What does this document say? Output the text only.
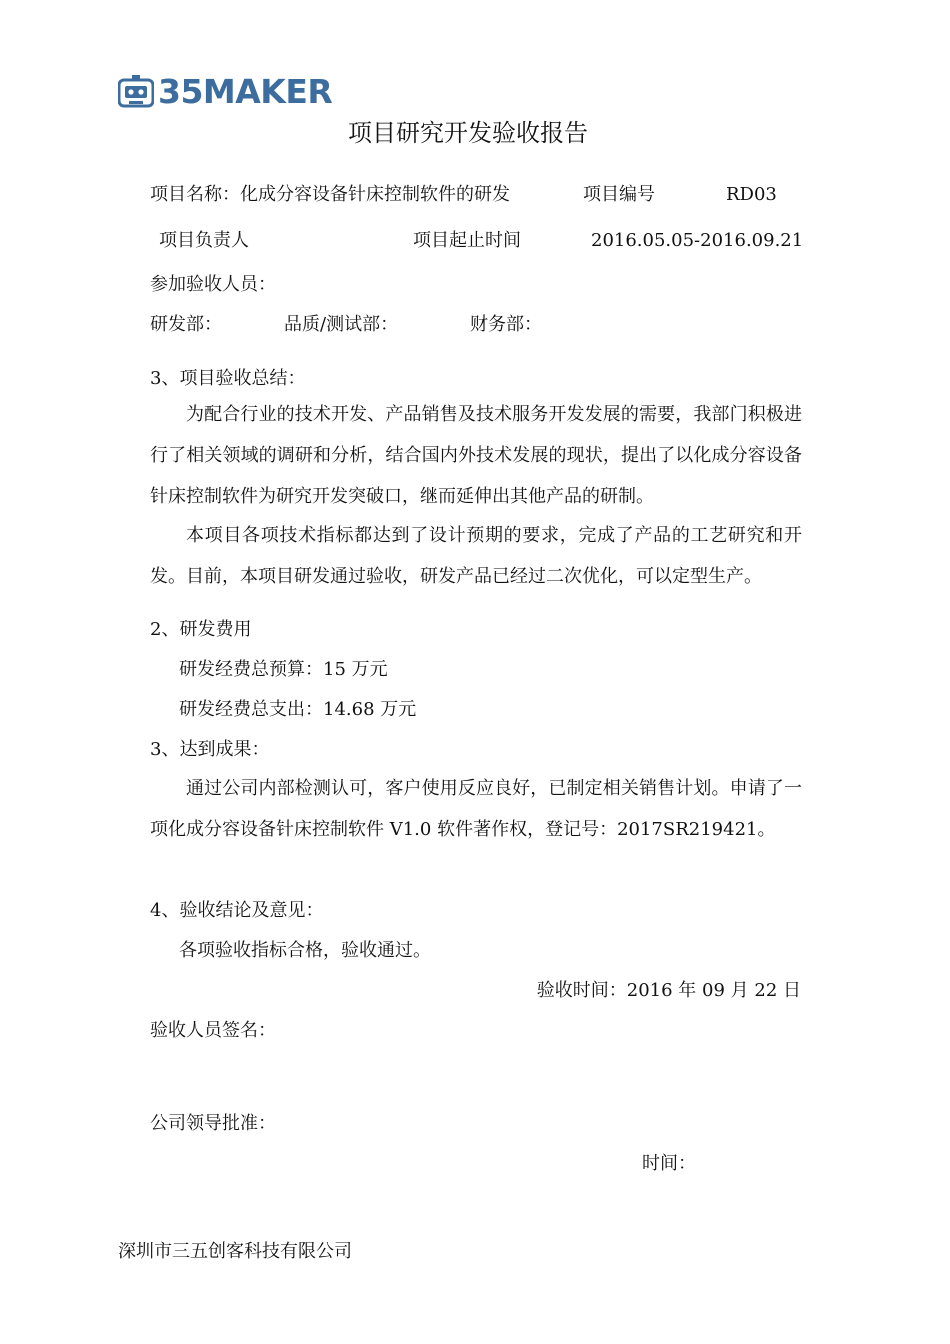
35MAKER
项目研究开发验收报告
项目名称：化成分容设备针床控制软件的研发	项目编号	RD03
项目负责人	项目起止时间	2016.05.05-2016.09.21
参加验收人员：
研发部：	品质/测试部：	财务部：
3、项目验收总结：
为配合行业的技术开发、产品销售及技术服务开发发展的需要，我部门积极进行了相关领域的调研和分析，结合国内外技术发展的现状，提出了以化成分容设备针床控制软件为研究开发突破口，继而延伸出其他产品的研制。
本项目各项技术指标都达到了设计预期的要求，完成了产品的工艺研究和开发。目前，本项目研发通过验收，研发产品已经过二次优化，可以定型生产。
2、研发费用
研发经费总预算：15 万元
研发经费总支出：14.68 万元
3、达到成果：
通过公司内部检测认可，客户使用反应良好，已制定相关销售计划。申请了一项化成分容设备针床控制软件 V1.0 软件著作权，登记号：2017SR219421。
4、验收结论及意见：
各项验收指标合格，验收通过。
验收时间：2016 年 09 月 22 日
验收人员签名：
公司领导批准：
时间：
深圳市三五创客科技有限公司
